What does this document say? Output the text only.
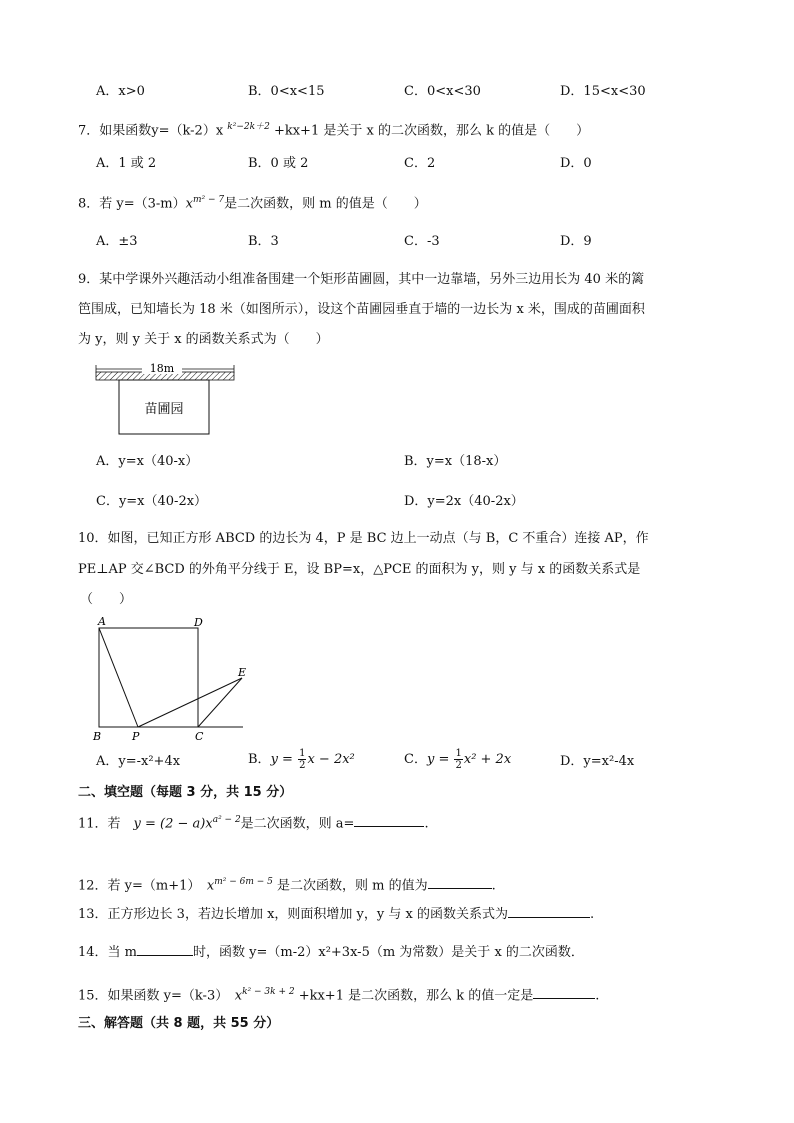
A．x>0	B．0<x<15	C．0<x<30	D．15<x<30
7．如果函数y=（k-2）x $^{k^2-2k+2}$ +kx+1 是关于 x 的二次函数，那么 k 的值是（　　）
A．1 或 2	B．0 或 2	C．2	D．0
8．若 $y=(3-m)x^{m^2 - 7}$是二次函数，则 m 的值是（　　）
A．±3	B．3	C．-3	D．9
9．某中学课外兴趣活动小组准备围建一个矩形苗圃圆，其中一边靠墙，另外三边用长为 40 米的篱
笆围成，已知墙长为 18 米（如图所示），设这个苗圃园垂直于墙的一边长为 x 米，围成的苗圃面积
为 y，则 y 关于 x 的函数关系式为（　　）
18m
苗圃园
A．y=x（40-x）	B．y=x（18-x）
C．y=x（40-2x）	D．y=2x（40-2x）
10．如图，已知正方形 ABCD 的边长为 4，P 是 BC 边上一动点（与 B，C 不重合）连接 AP，作
PE⊥AP 交∠BCD 的外角平分线于 E，设 BP=x，△PCE 的面积为 y，则 y 与 x 的函数关系式是
（　　）
A	D
B	P	C
E
A．y=-x²+4x	B．$y = \frac{1}{2}$ x − 2x²	C．$y = \frac{1}{2} x^2 + 2x$	D．y=x²-4x
二、填空题（每题 3 分，共 15 分）
11．若　$y = (2 - a)x^{a^2 - 2}$是二次函数，则 a=	.
12．若 y=（m+1）　$x^{m^2 - 6m - 5}$ 是二次函数，则 m 的值为	.
13．正方形边长 3，若边长增加 x，则面积增加 y，y 与 x 的函数关系式为	.
14．当 m	时，函数 y=（m-2）x²+3x-5（m 为常数）是关于 x 的二次函数．
15．如果函数 y=（k-3）　$x^{k^2 - 3k + 2} +kx+1$ 是二次函数，那么 k 的值一定是	.
三、解答题（共 8 题，共 55 分）
